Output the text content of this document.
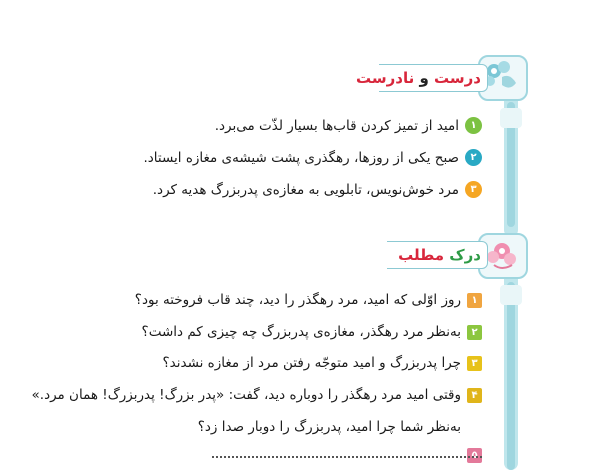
درست و نادرست
۱
امید از تمیز کردن قاب‌ها بسیار لذّت می‌برد.
۲
صبح یکی از روزها، رهگذری پشت شیشه‌ی مغازه ایستاد.
۳
مرد خوش‌نویس، تابلویی به مغازه‌ی پدربزرگ هدیه کرد.
درک مطلب
۱
روز اوّلی که امید، مرد رهگذر را دید، چند قاب فروخته بود؟
۲
به‌نظر مرد رهگذر، مغازه‌ی پدربزرگ چه چیزی کم داشت؟
۳
چرا پدربزرگ و امید متوجّه رفتن مرد از مغازه نشدند؟
۴
وقتی امید مرد رهگذر را دوباره دید، گفت: «پدر بزرگ! پدربزرگ! همان مرد.»
به‌نظر شما چرا امید، پدربزرگ را دوبار صدا زد؟
۵
